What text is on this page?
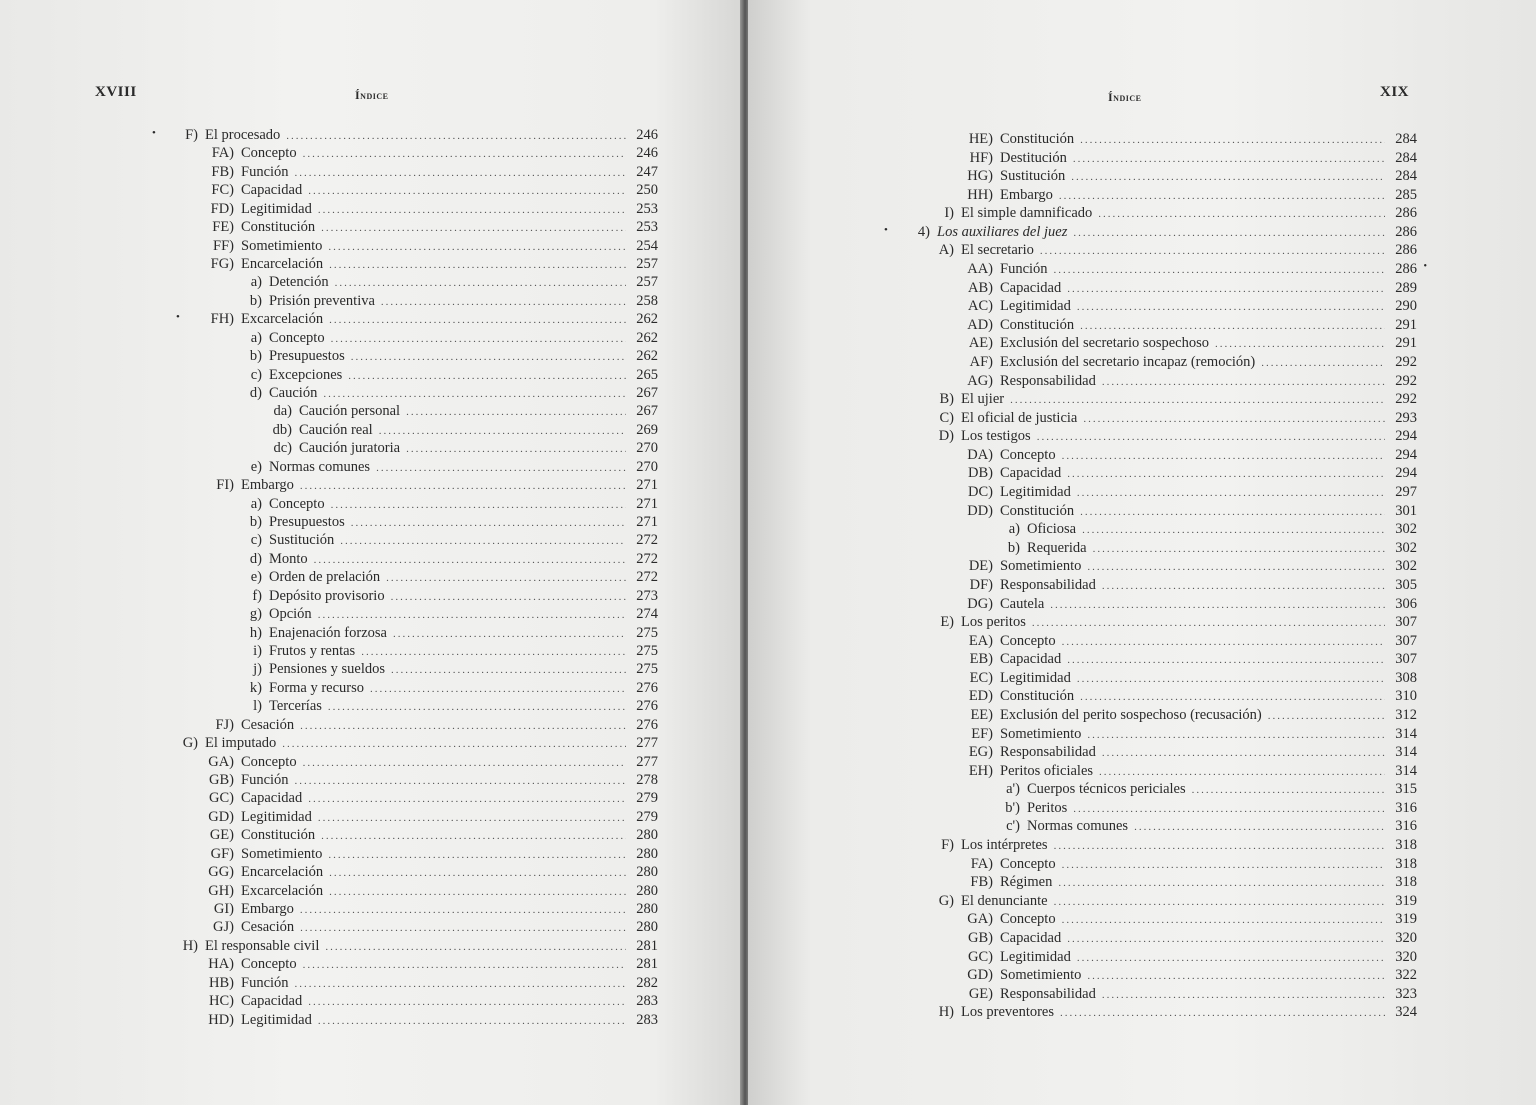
XVIII	Índice
•	F) El procesado .....	246
FA) Concepto .....	246
FB) Función .....	247
FC) Capacidad .....	250
FD) Legitimidad .....	253
FE) Constitución .....	253
FF) Sometimiento .....	254
FG) Encarcelación .....	257
a) Detención .....	257
b) Prisión preventiva .....	258
•	FH) Excarcelación .....	262
a) Concepto .....	262
b) Presupuestos .....	262
c) Excepciones .....	265
d) Caución .....	267
da) Caución personal .....	267
db) Caución real .....	269
dc) Caución juratoria .....	270
e) Normas comunes .....	270
FI) Embargo .....	271
a) Concepto .....	271
b) Presupuestos .....	271
c) Sustitución .....	272
d) Monto .....	272
e) Orden de prelación .....	272
f) Depósito provisorio .....	273
g) Opción .....	274
h) Enajenación forzosa .....	275
i) Frutos y rentas .....	275
j) Pensiones y sueldos .....	275
k) Forma y recurso .....	276
l) Tercerías .....	276
FJ) Cesación .....	276
G) El imputado .....	277
GA) Concepto .....	277
GB) Función .....	278
GC) Capacidad .....	279
GD) Legitimidad .....	279
GE) Constitución .....	280
GF) Sometimiento .....	280
GG) Encarcelación .....	280
GH) Excarcelación .....	280
GI) Embargo .....	280
GJ) Cesación .....	280
H) El responsable civil .....	281
HA) Concepto .....	281
HB) Función .....	282
HC) Capacidad .....	283
HD) Legitimidad .....	283
Índice	XIX
HE) Constitución .....	284
HF) Destitución .....	284
HG) Sustitución .....	284
HH) Embargo .....	285
I) El simple damnificado .....	286
•	4) Los auxiliares del juez .....	286
A) El secretario .....	286
AA) Función .....	286 •
AB) Capacidad .....	289
AC) Legitimidad .....	290
AD) Constitución .....	291
AE) Exclusión del secretario sospechoso .....	291
AF) Exclusión del secretario incapaz (remoción) .....	292
AG) Responsabilidad .....	292
B) El ujier .....	292
C) El oficial de justicia .....	293
D) Los testigos .....	294
DA) Concepto .....	294
DB) Capacidad .....	294
DC) Legitimidad .....	297
DD) Constitución .....	301
a) Oficiosa .....	302
b) Requerida .....	302
DE) Sometimiento .....	302
DF) Responsabilidad .....	305
DG) Cautela .....	306
E) Los peritos .....	307
EA) Concepto .....	307
EB) Capacidad .....	307
EC) Legitimidad .....	308
ED) Constitución .....	310
EE) Exclusión del perito sospechoso (recusación) .....	312
EF) Sometimiento .....	314
EG) Responsabilidad .....	314
EH) Peritos oficiales .....	314
a') Cuerpos técnicos periciales .....	315
b') Peritos .....	316
c') Normas comunes .....	316
F) Los intérpretes .....	318
FA) Concepto .....	318
FB) Régimen .....	318
G) El denunciante .....	319
GA) Concepto .....	319
GB) Capacidad .....	320
GC) Legitimidad .....	320
GD) Sometimiento .....	322
GE) Responsabilidad .....	323
H) Los preventores .....	324
